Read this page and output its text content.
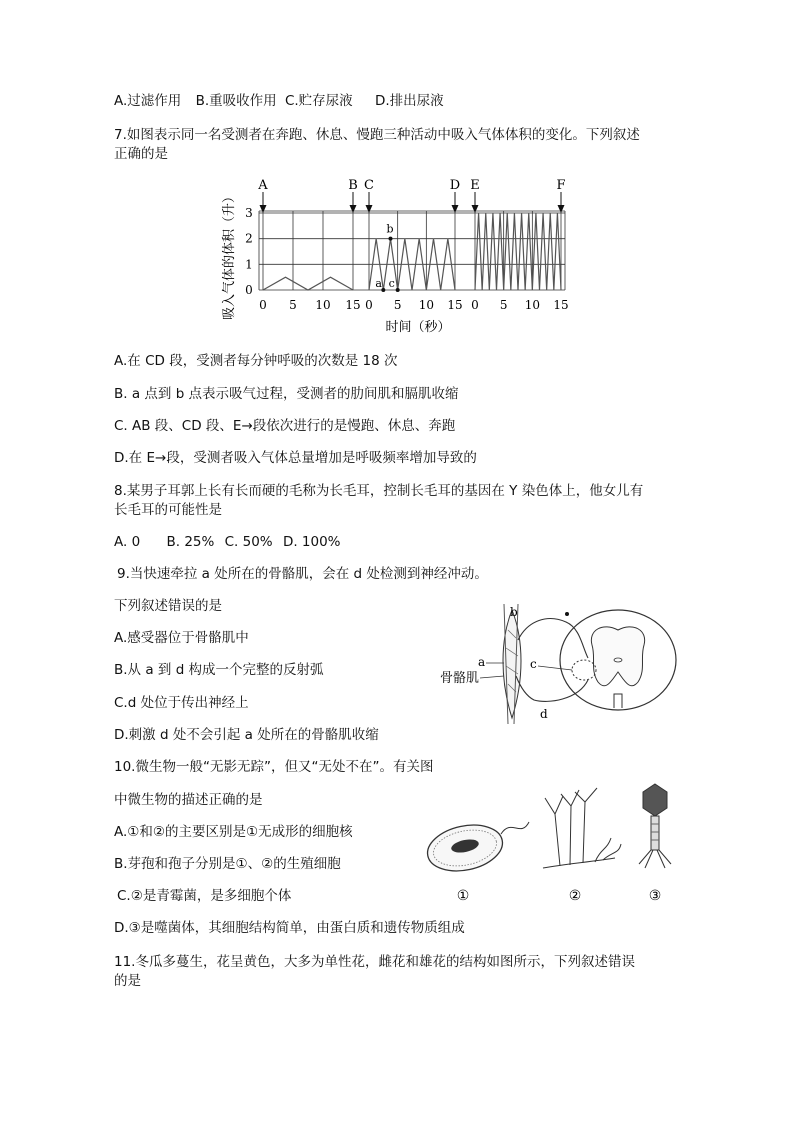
A.过滤作用 B.重吸收作用 C.贮存尿液 D.排出尿液
7.如图表示同一名受测者在奔跑、休息、慢跑三种活动中吸入气体体积的变化。下列叙述
正确的是
0
1
2
3
0 5 10 15 0 5 10 15 0 5 10 15
A	B C	D E	F
a
b
c
吸入气体的体积（升）
时间（秒）
A.在 CD 段，受测者每分钟呼吸的次数是 18 次
B. a 点到 b 点表示吸气过程，受测者的肋间肌和膈肌收缩
C. AB 段、CD 段、E→段依次进行的是慢跑、休息、奔跑
D.在 E→段，受测者吸入气体总量增加是呼吸频率增加导致的
8.某男子耳郭上长有长而硬的毛称为长毛耳，控制长毛耳的基因在 Y 染色体上，他女儿有
长毛耳的可能性是
A. 0 B. 25% C. 50% D. 100%
9.当快速牵拉 a 处所在的骨骼肌，会在 d 处检测到神经冲动。
下列叙述错误的是
A.感受器位于骨骼肌中
B.从 a 到 d 构成一个完整的反射弧
C.d 处位于传出神经上
D.刺激 d 处不会引起 a 处所在的骨骼肌收缩
b
a	c
d
骨骼肌
10.微生物一般“无影无踪”，但又“无处不在”。有关图
中微生物的描述正确的是
A.①和②的主要区别是①无成形的细胞核
B.芽孢和孢子分别是①、②的生殖细胞
C.②是青霉菌，是多细胞个体
D.③是噬菌体，其细胞结构简单，由蛋白质和遗传物质组成
①	②	③
11.冬瓜多蔓生，花呈黄色，大多为单性花，雌花和雄花的结构如图所示，下列叙述错误
的是
